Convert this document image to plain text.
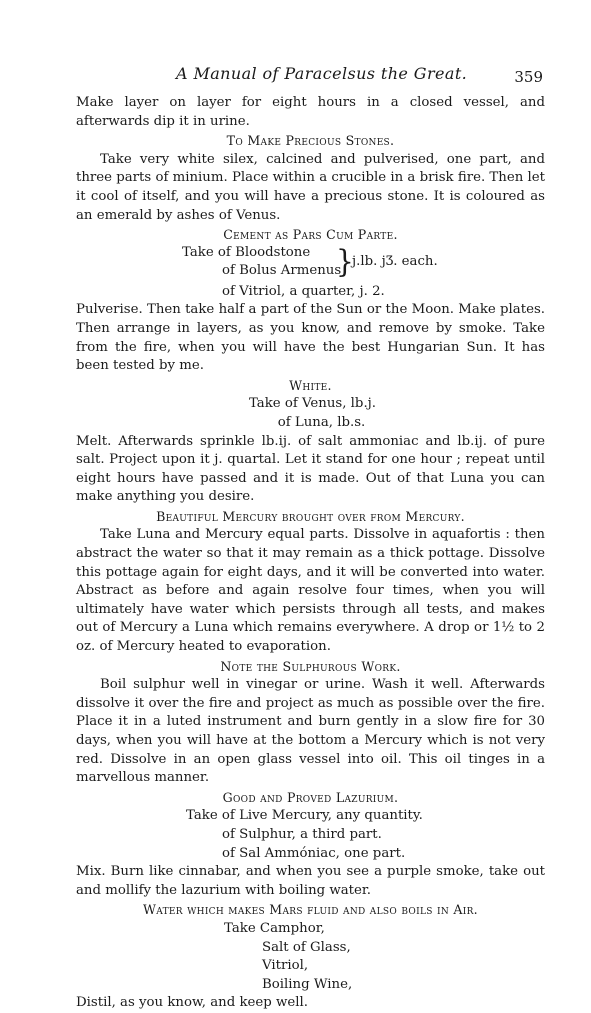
A Manual of Paracelsus the Great.	359

Make layer on layer for eight hours in a closed vessel, and afterwards dip it in urine.

To Make Precious Stones.

Take very white silex, calcined and pulverised, one part, and three parts of minium. Place within a crucible in a brisk fire. Then let it cool of itself, and you will have a precious stone. It is coloured as an emerald by ashes of Venus.

Cement as Pars Cum Parte.
Take of Bloodstone
of Bolus Armenus
}
j.lb. jƷ. each.
of Vitriol, a quarter, j. 2.

Pulverise. Then take half a part of the Sun or the Moon. Make plates. Then arrange in layers, as you know, and remove by smoke. Take from the fire, when you will have the best Hungarian Sun. It has been tested by me.

White.
Take of Venus, lb.j.
of Luna, lb.s.

Melt. Afterwards sprinkle lb.ij. of salt ammoniac and lb.ij. of pure salt. Project upon it j. quartal. Let it stand for one hour ; repeat until eight hours have passed and it is made. Out of that Luna you can make anything you desire.

Beautiful Mercury brought over from Mercury.

Take Luna and Mercury equal parts. Dissolve in aquafortis : then abstract the water so that it may remain as a thick pottage. Dissolve this pottage again for eight days, and it will be converted into water. Abstract as before and again resolve four times, when you will ultimately have water which persists through all tests, and makes out of Mercury a Luna which remains everywhere. A drop or 1½ to 2 oz. of Mercury heated to evaporation.

Note the Sulphurous Work.

Boil sulphur well in vinegar or urine. Wash it well. Afterwards dissolve it over the fire and project as much as possible over the fire. Place it in a luted instrument and burn gently in a slow fire for 30 days, when you will have at the bottom a Mercury which is not very red. Dissolve in an open glass vessel into oil. This oil tinges in a marvellous manner.

Good and Proved Lazurium.
Take of Live Mercury, any quantity.
of Sulphur, a third part.
of Sal Ammóniac, one part.

Mix. Burn like cinnabar, and when you see a purple smoke, take out and mollify the lazurium with boiling water.

Water which makes Mars fluid and also boils in Air.
Take Camphor,
Salt of Glass,
Vitriol,
Boiling Wine,

Distil, as you know, and keep well.
